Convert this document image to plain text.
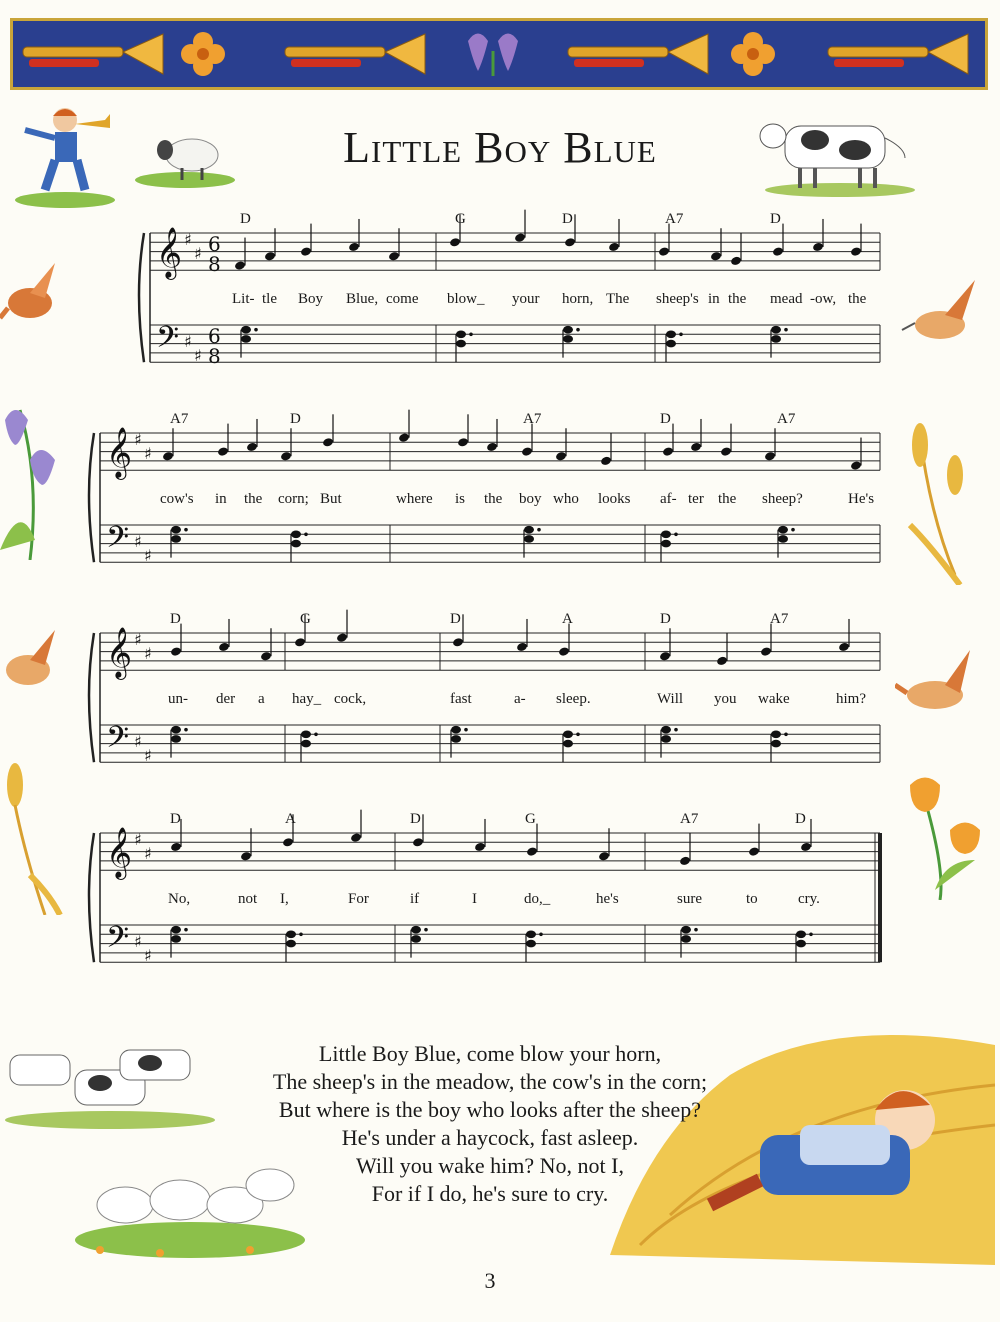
Little Boy Blue
𝄞
𝄢
♯
♯
♯
♯
6
8
6
8
𝄞
𝄢
♯
♯
♯
♯
𝄞
𝄢
♯
♯
♯
♯
𝄞
𝄢
♯
♯
♯
♯
D	G	D	A7	D
Lit- tle Boy Blue, come blow_ your horn, The sheep's in the mead -ow, the
A7	D	A7	D	A7
cow's in the corn; But	where is the boy who looks af- ter the sheep?	He's
D	G	D	A	D	A7
un- der a hay_ cock,	fast	a- sleep.	Will you wake	him?
D	A	D	G	A7	D
No,	not I,	For	if	I	do,_	he's	sure	to	cry.
Little Boy Blue, come blow your horn,
The sheep's in the meadow, the cow's in the corn;
But where is the boy who looks after the sheep?
He's under a haycock, fast asleep.
Will you wake him? No, not I,
For if I do, he's sure to cry.
3
